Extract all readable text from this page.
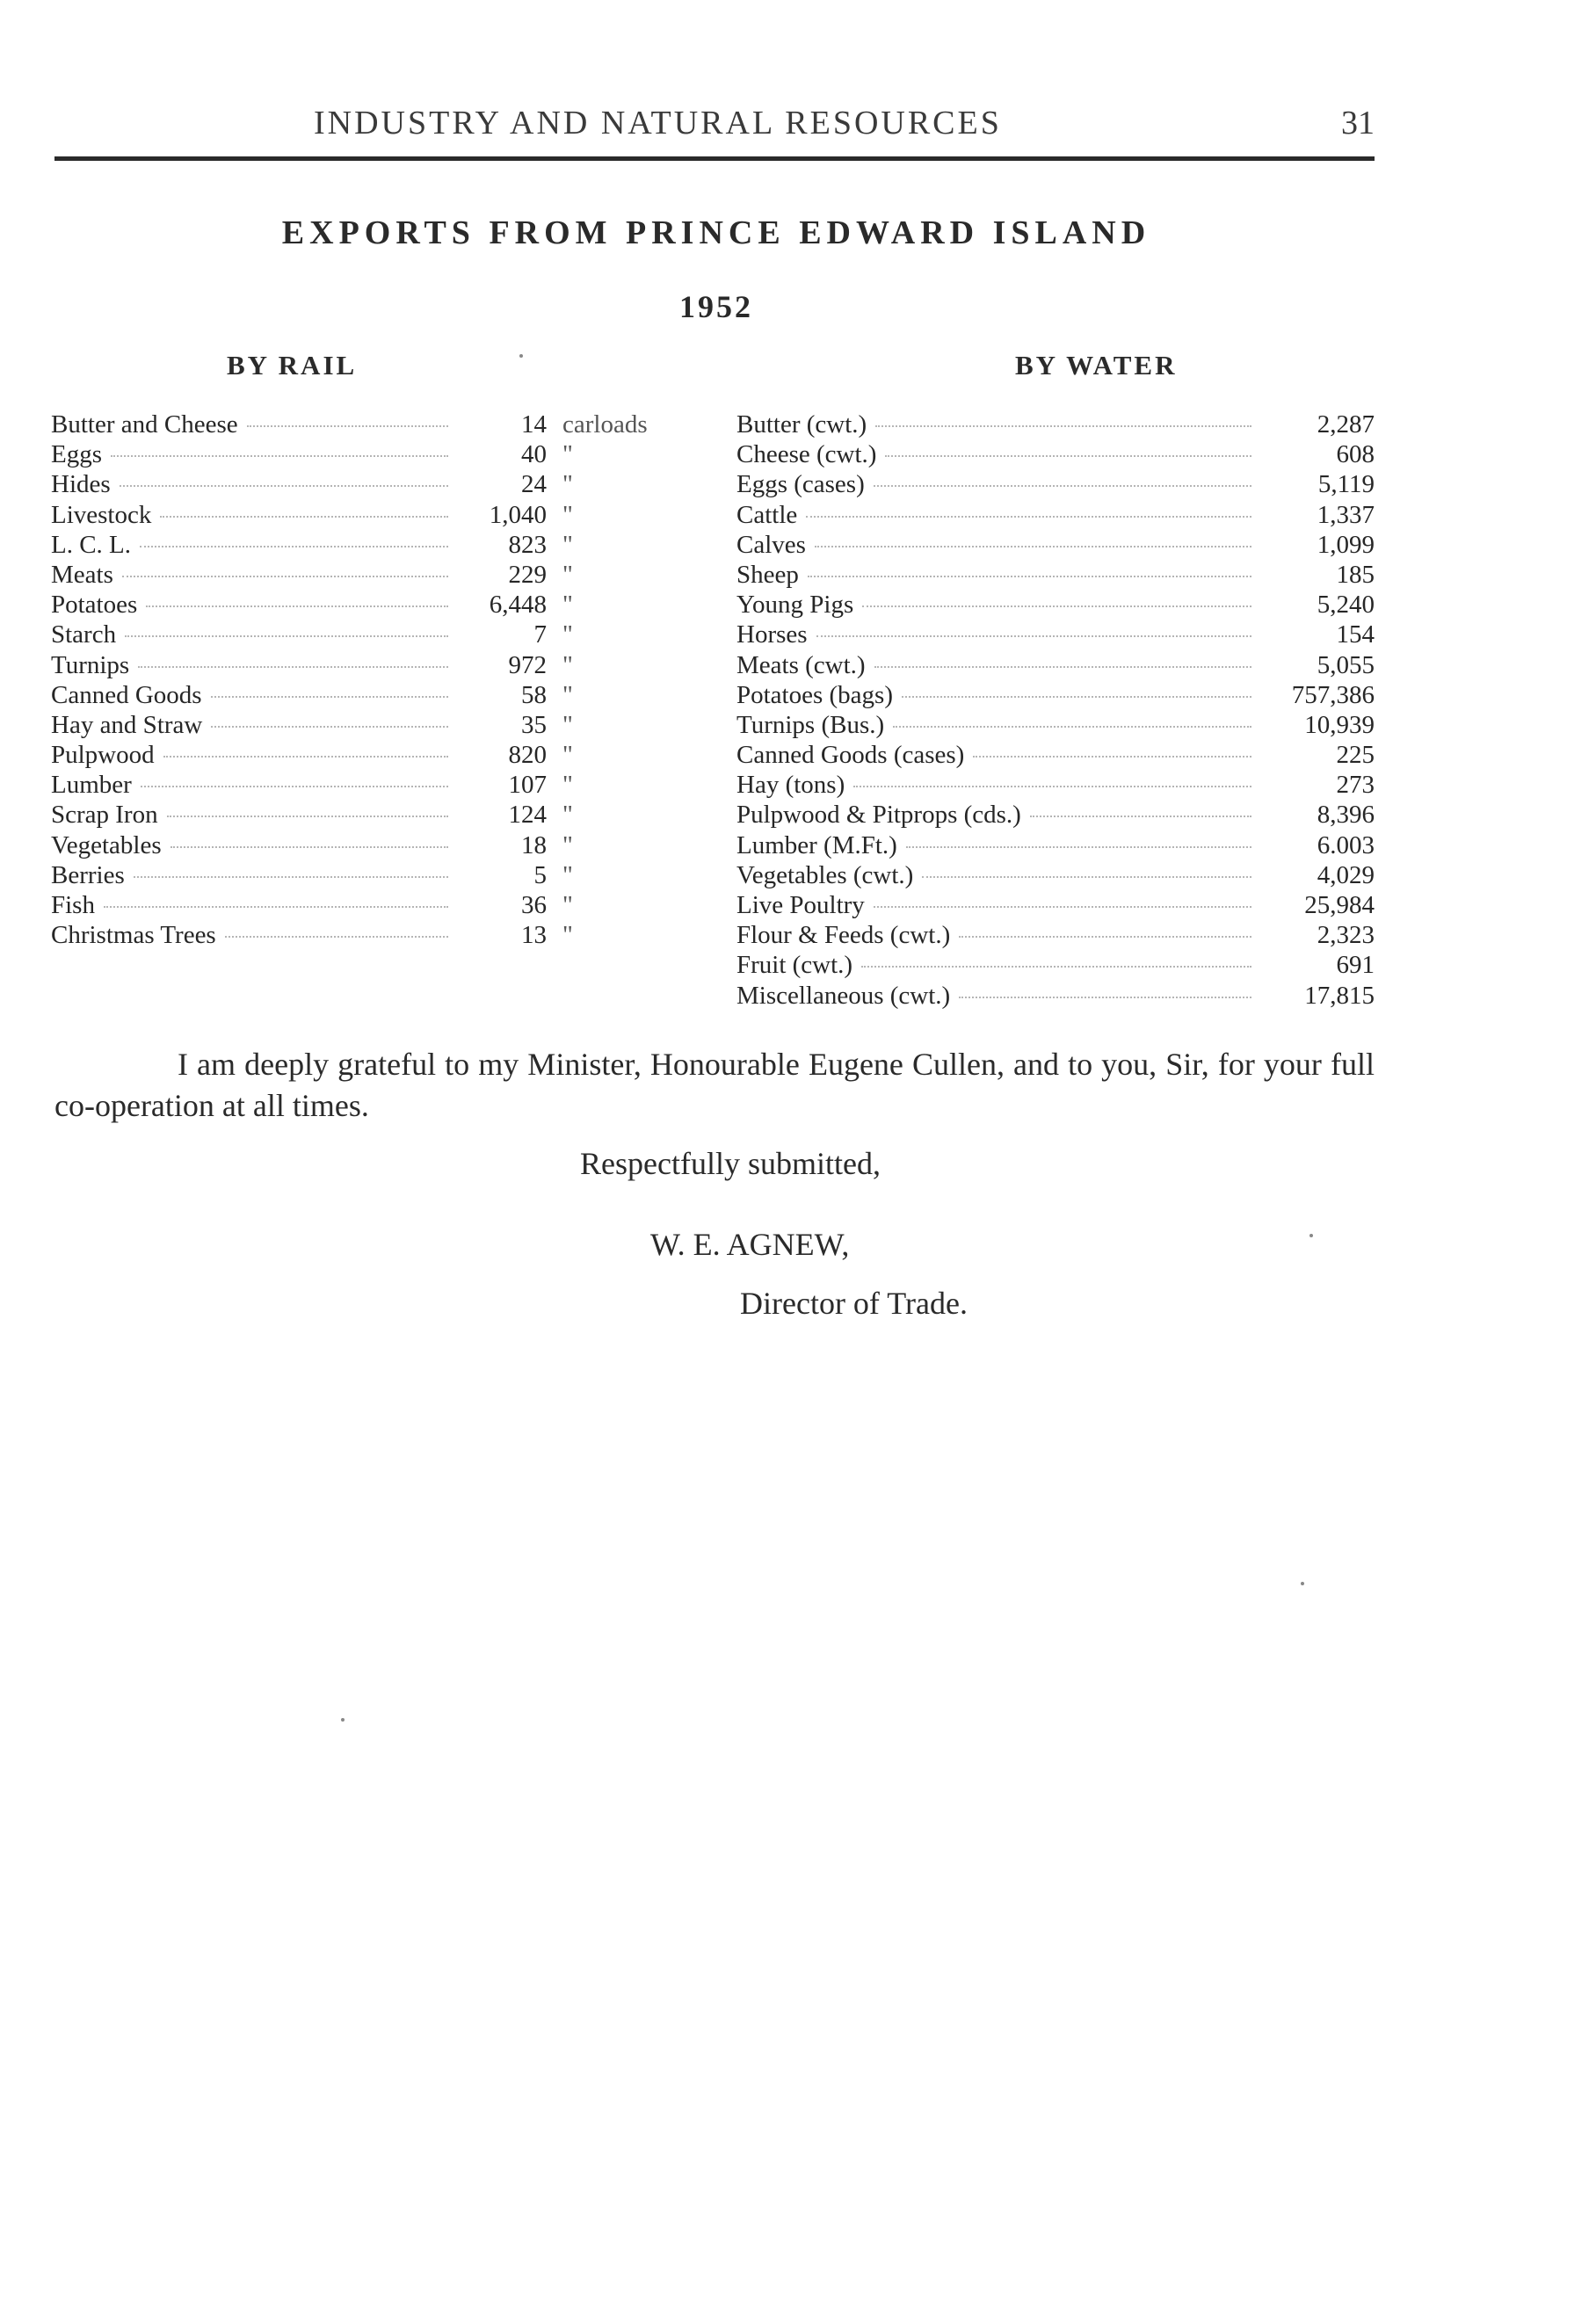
INDUSTRY AND NATURAL RESOURCES	31
EXPORTS FROM PRINCE EDWARD ISLAND
1952
BY RAIL	BY WATER
Butter and Cheese	14 carloads
Eggs	40 "
Hides	24 "
Livestock	1,040 "
L. C. L.	823 "
Meats	229 "
Potatoes	6,448 "
Starch	7 "
Turnips	972 "
Canned Goods	58 "
Hay and Straw	35 "
Pulpwood	820 "
Lumber	107 "
Scrap Iron	124 "
Vegetables	18 "
Berries	5 "
Fish	36 "
Christmas Trees	13 "
Butter (cwt.)	2,287
Cheese (cwt.)	608
Eggs (cases)	5,119
Cattle	1,337
Calves	1,099
Sheep	185
Young Pigs	5,240
Horses	154
Meats (cwt.)	5,055
Potatoes (bags)	757,386
Turnips (Bus.)	10,939
Canned Goods (cases)	225
Hay (tons)	273
Pulpwood & Pitprops (cds.)	8,396
Lumber (M.Ft.)	6.003
Vegetables (cwt.)	4,029
Live Poultry	25,984
Flour & Feeds (cwt.)	2,323
Fruit (cwt.)	691
Miscellaneous (cwt.)	17,815
I am deeply grateful to my Minister, Honourable Eugene Cullen, and to you, Sir, for your full co-operation at all times.
Respectfully submitted,
W. E. AGNEW,
Director of Trade.
